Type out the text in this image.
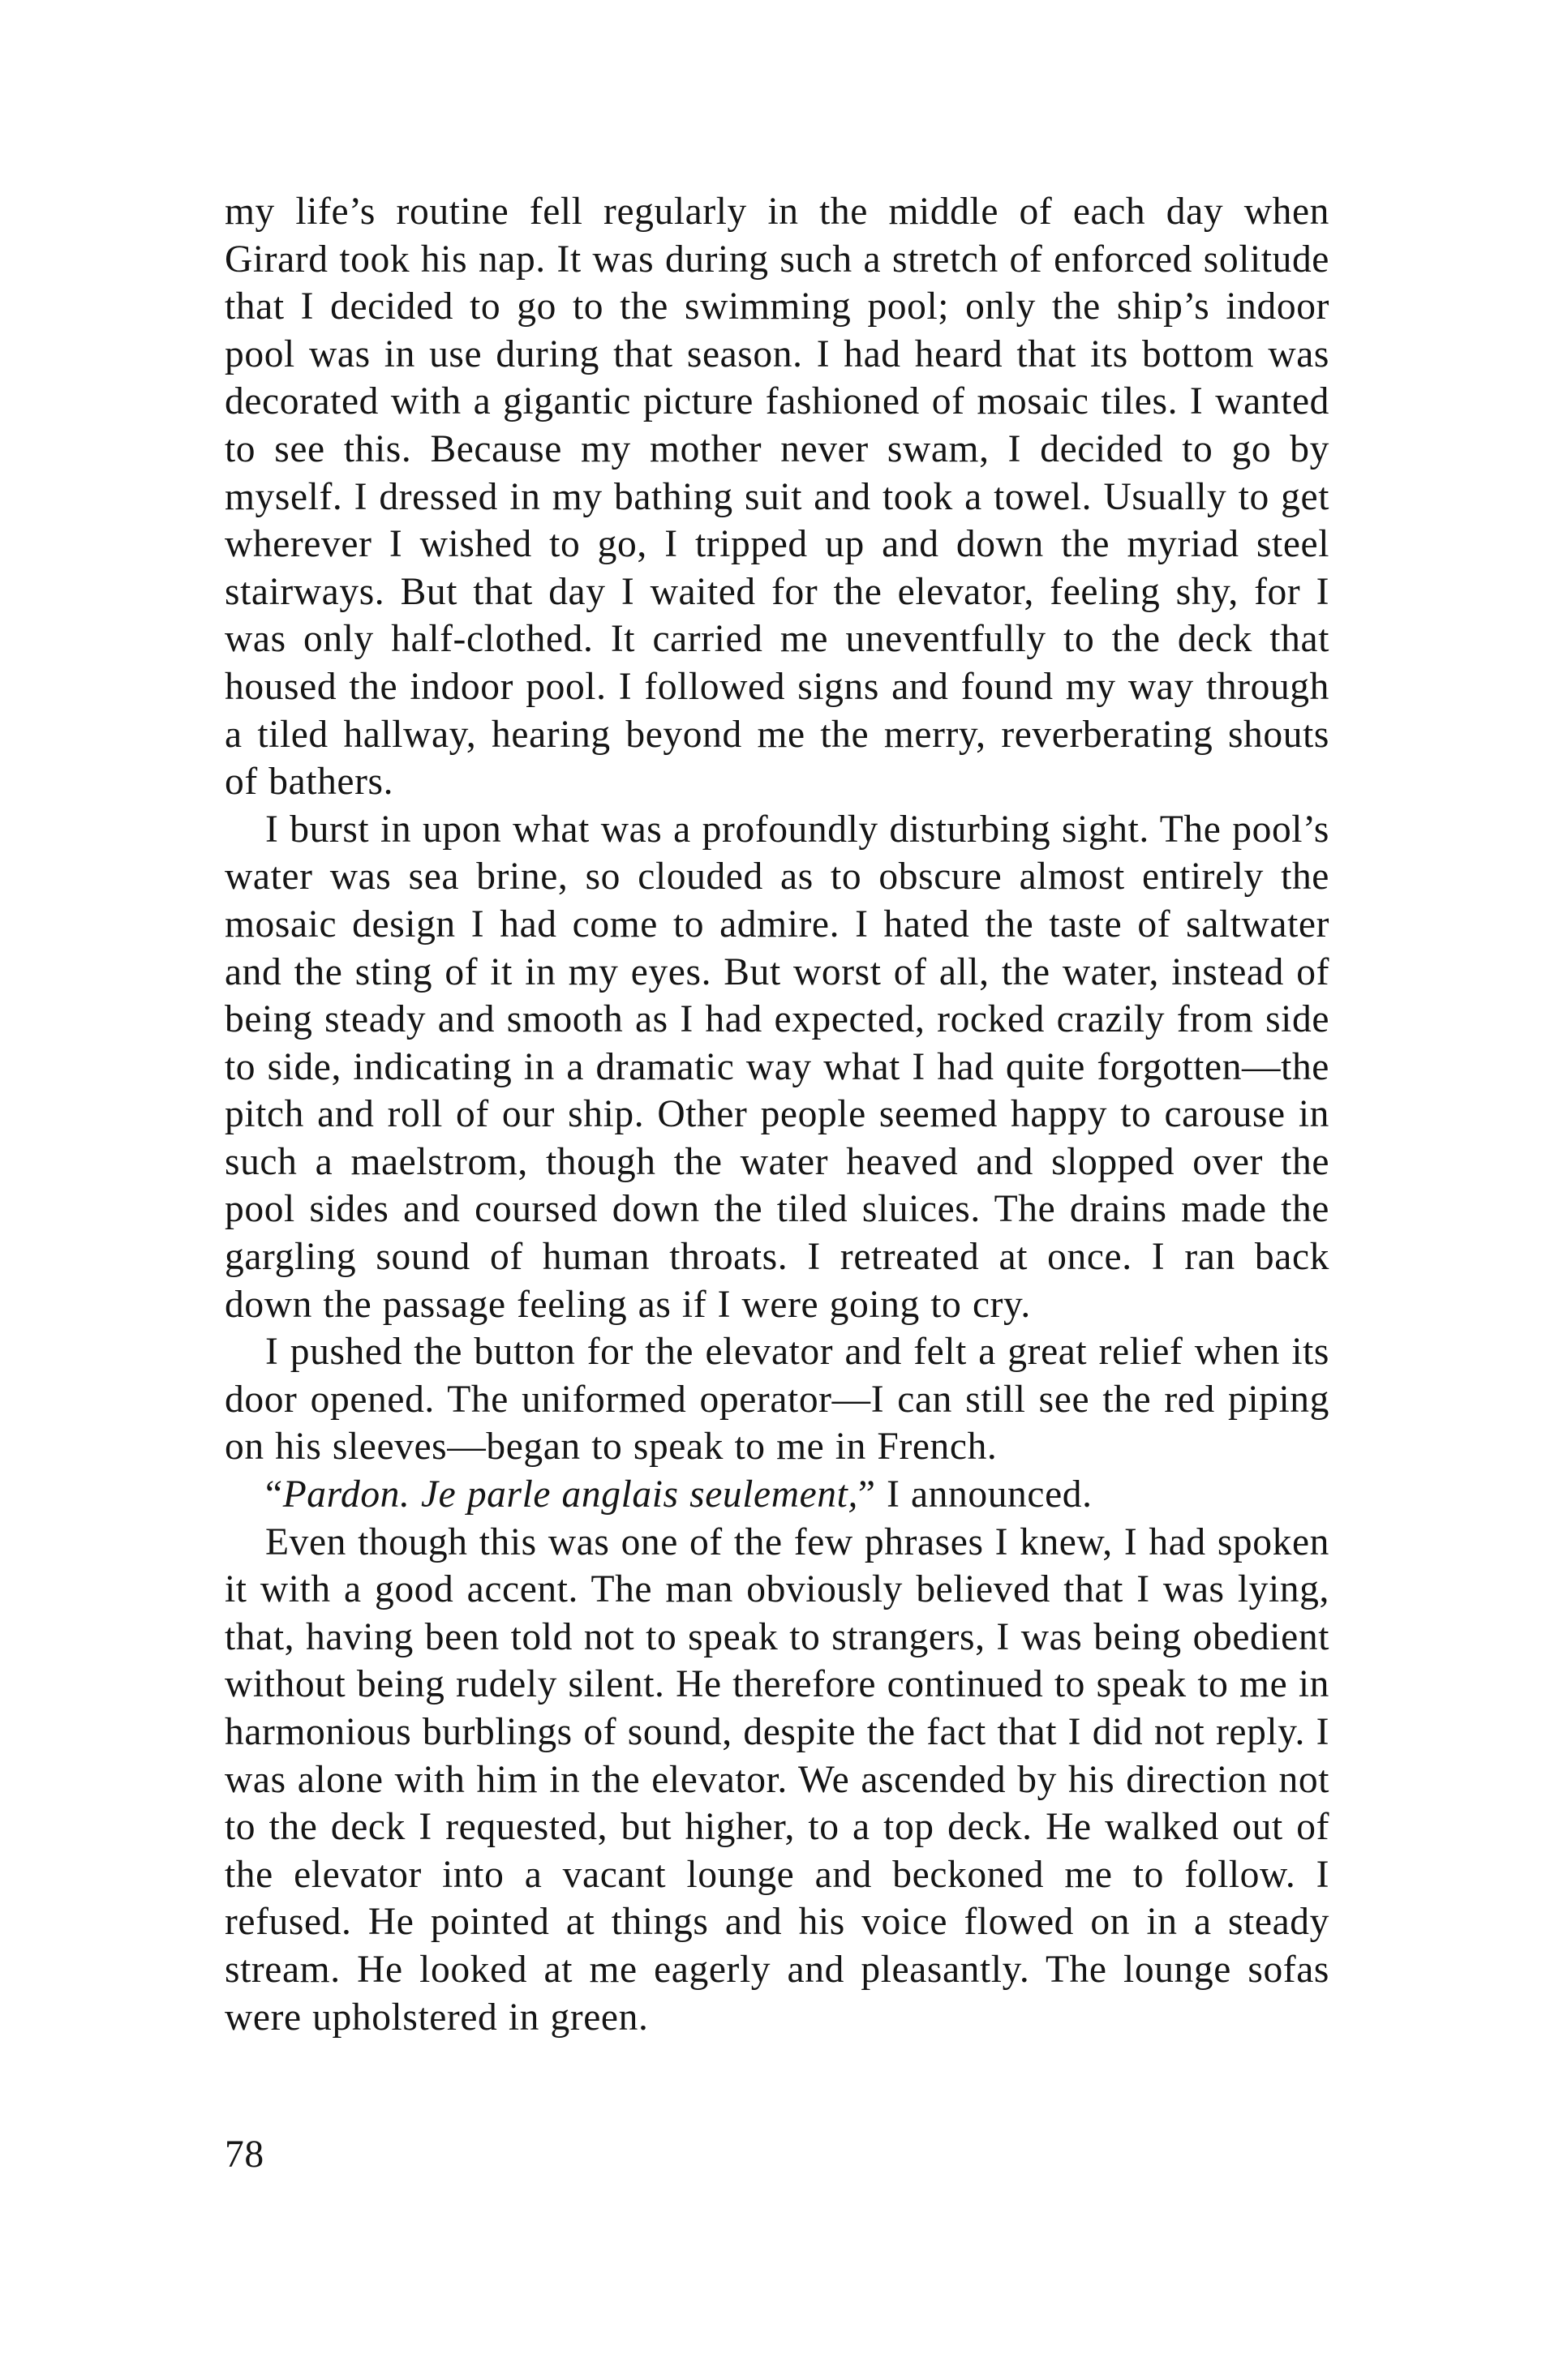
my life’s routine fell regularly in the middle of each day when Girard took his nap. It was during such a stretch of enforced solitude that I decided to go to the swimming pool; only the ship’s indoor pool was in use during that season. I had heard that its bottom was decorated with a gigantic picture fashioned of mosaic tiles. I wanted to see this. Because my mother never swam, I decided to go by myself. I dressed in my bathing suit and took a towel. Usually to get wherever I wished to go, I tripped up and down the myriad steel stairways. But that day I waited for the elevator, feeling shy, for I was only half-clothed. It carried me uneventfully to the deck that housed the indoor pool. I followed signs and found my way through a tiled hallway, hearing beyond me the merry, reverberating shouts of bathers.

I burst in upon what was a profoundly disturbing sight. The pool’s water was sea brine, so clouded as to obscure almost entirely the mosaic design I had come to admire. I hated the taste of saltwater and the sting of it in my eyes. But worst of all, the water, instead of being steady and smooth as I had expected, rocked crazily from side to side, indicating in a dramatic way what I had quite forgotten—the pitch and roll of our ship. Other people seemed happy to carouse in such a maelstrom, though the water heaved and slopped over the pool sides and coursed down the tiled sluices. The drains made the gargling sound of human throats. I retreated at once. I ran back down the passage feeling as if I were going to cry.

I pushed the button for the elevator and felt a great relief when its door opened. The uniformed operator—I can still see the red piping on his sleeves—began to speak to me in French.

“Pardon. Je parle anglais seulement,” I announced.

Even though this was one of the few phrases I knew, I had spoken it with a good accent. The man obviously believed that I was lying, that, having been told not to speak to strangers, I was being obedient without being rudely silent. He therefore continued to speak to me in harmonious burblings of sound, despite the fact that I did not reply. I was alone with him in the elevator. We ascended by his direction not to the deck I requested, but higher, to a top deck. He walked out of the elevator into a vacant lounge and beckoned me to follow. I refused. He pointed at things and his voice flowed on in a steady stream. He looked at me eagerly and pleasantly. The lounge sofas were upholstered in green.

78
